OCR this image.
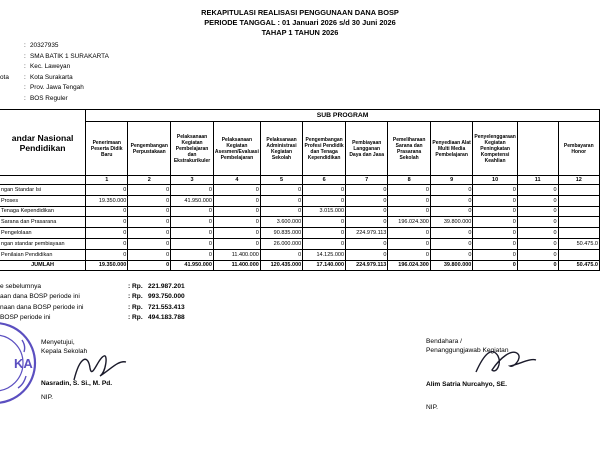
REKAPITULASI REALISASI PENGGUNAAN DANA BOSP
PERIODE TANGGAL : 01 Januari 2026 s/d 30 Juni 2026
TAHAP 1 TAHUN 2026
: 20327935
: SMA BATIK 1 SURAKARTA
: Kec. Laweyan
ota : Kota Surakarta
: Prov. Jawa Tengah
: BOS Reguler
andar Nasional Pendidikan	SUB PROGRAM											
	Penerimaan Peserta Didik Baru	Pengembangan Perpustakaan	Pelaksanaan Kegiatan Pembelajaran dan Ekstrakurikuler	Pelaksanaan Kegiatan Asesmen/Evaluasi Pembelajaran	Pelaksanaan Administrasi Kegiatan Sekolah	Pengembangan Profesi Pendidik dan Tenaga Kependidikan	Pembiayaan Langganan Daya dan Jasa	Pemeliharaan Sarana dan Prasarana Sekolah	Penyediaan Alat Multi Media Pembelajaran	Penyelenggaraan Kegiatan Peningkatan Kompetensi Keahlian		Pembayaran Honor
	1	2	3	4	5	6	7	8	9	10	11	12
ngan Standar Isi	0	0	0	0	0	0	0	0	0	0	0	
Proses	19.350.000	0	41.950.000	0	0	0	0	0	0	0	0	
Tenaga Kependidikan	0	0	0	0	0	3.015.000	0	0	0	0	0	
Sarana dan Prasarana	0	0	0	0	3.600.000	0	0	196.024.300	39.800.000	0	0	
Pengelolaan	0	0	0	0	90.835.000	0	224.979.113	0	0	0	0	
ngan standar pembiayaan	0	0	0	0	26.000.000	0	0	0	0	0	0	50.475.0
Penilaian Pendidikan	0	0	0	11.400.000	0	14.125.000	0	0	0	0	0	
JUMLAH	19.350.000	0	41.950.000	11.400.000	120.435.000	17.140.000	224.979.113	196.024.300	39.800.000	0	0	50.475.0
e sebelumnya	: Rp. 221.987.201
aan dana BOSP periode ini	: Rp. 993.750.000
naan dana BOSP periode ini	: Rp. 721.553.413
BOSP periode ini	: Rp. 494.183.788
KA
Menyetujui,
Kepala Sekolah
Nasradin, S. Si., M. Pd.
NIP.
Bendahara /
Penanggungjawab Kegiatan
Alim Satria Nurcahyo, SE.
NIP.
